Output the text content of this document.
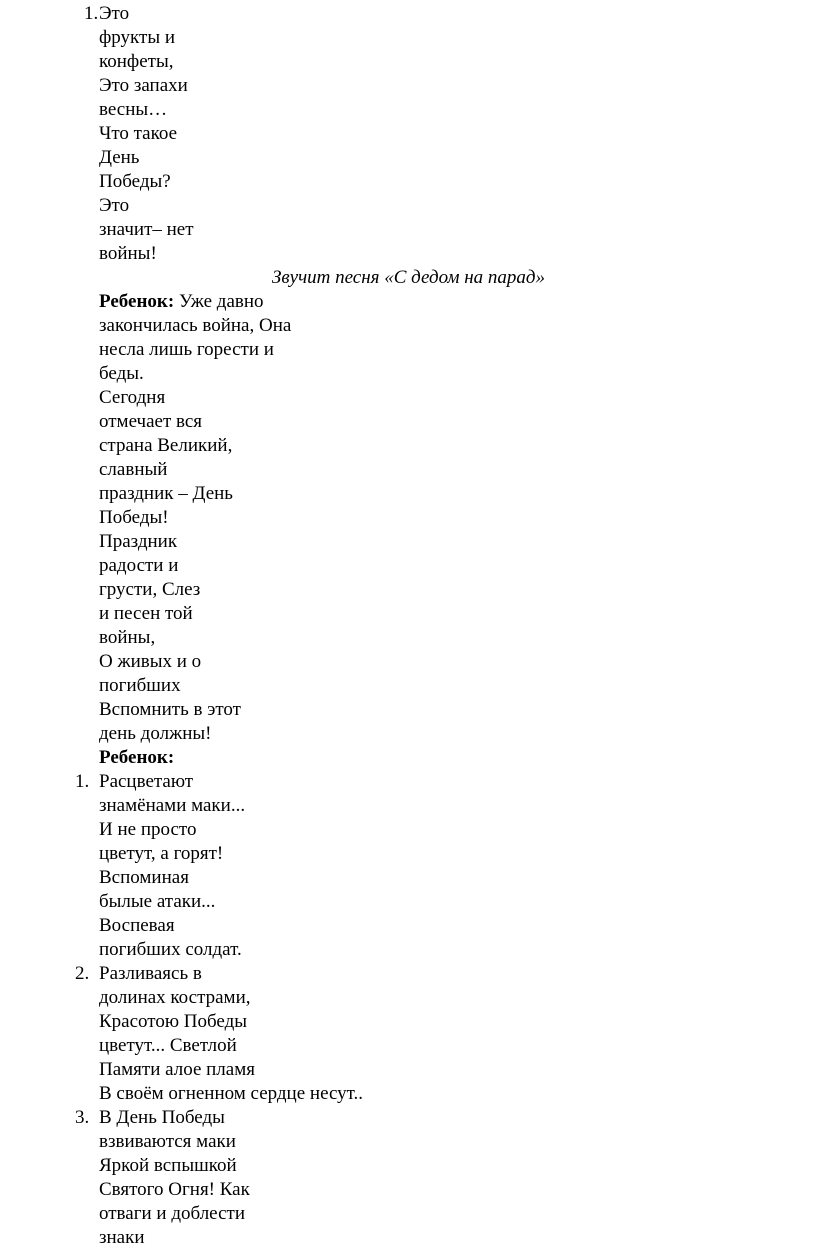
1. Это
фрукты и
конфеты,
Это запахи
весны…
Что такое
День
Победы?
Это
значит– нет
войны!
Звучит песня «С дедом на парад»
Ребенок: Уже давно
закончилась война, Она
несла лишь горести и
беды.
Сегодня
отмечает вся
страна Великий,
славный
праздник – День
Победы!
Праздник
радости и
грусти, Слез
и песен той
войны,
О живых и о
погибших
Вспомнить в этот
день должны!
Ребенок:
1. Расцветают
знамёнами маки...
И не просто
цветут, а горят!
Вспоминая
былые атаки...
Воспевая
погибших солдат.
2. Разливаясь в
долинах кострами,
Красотою Победы
цветут... Светлой
Памяти алое пламя
В своём огненном сердце несут..
3. В День Победы
взвиваются маки
Яркой вспышкой
Святого Огня! Как
отваги и доблести
знаки
